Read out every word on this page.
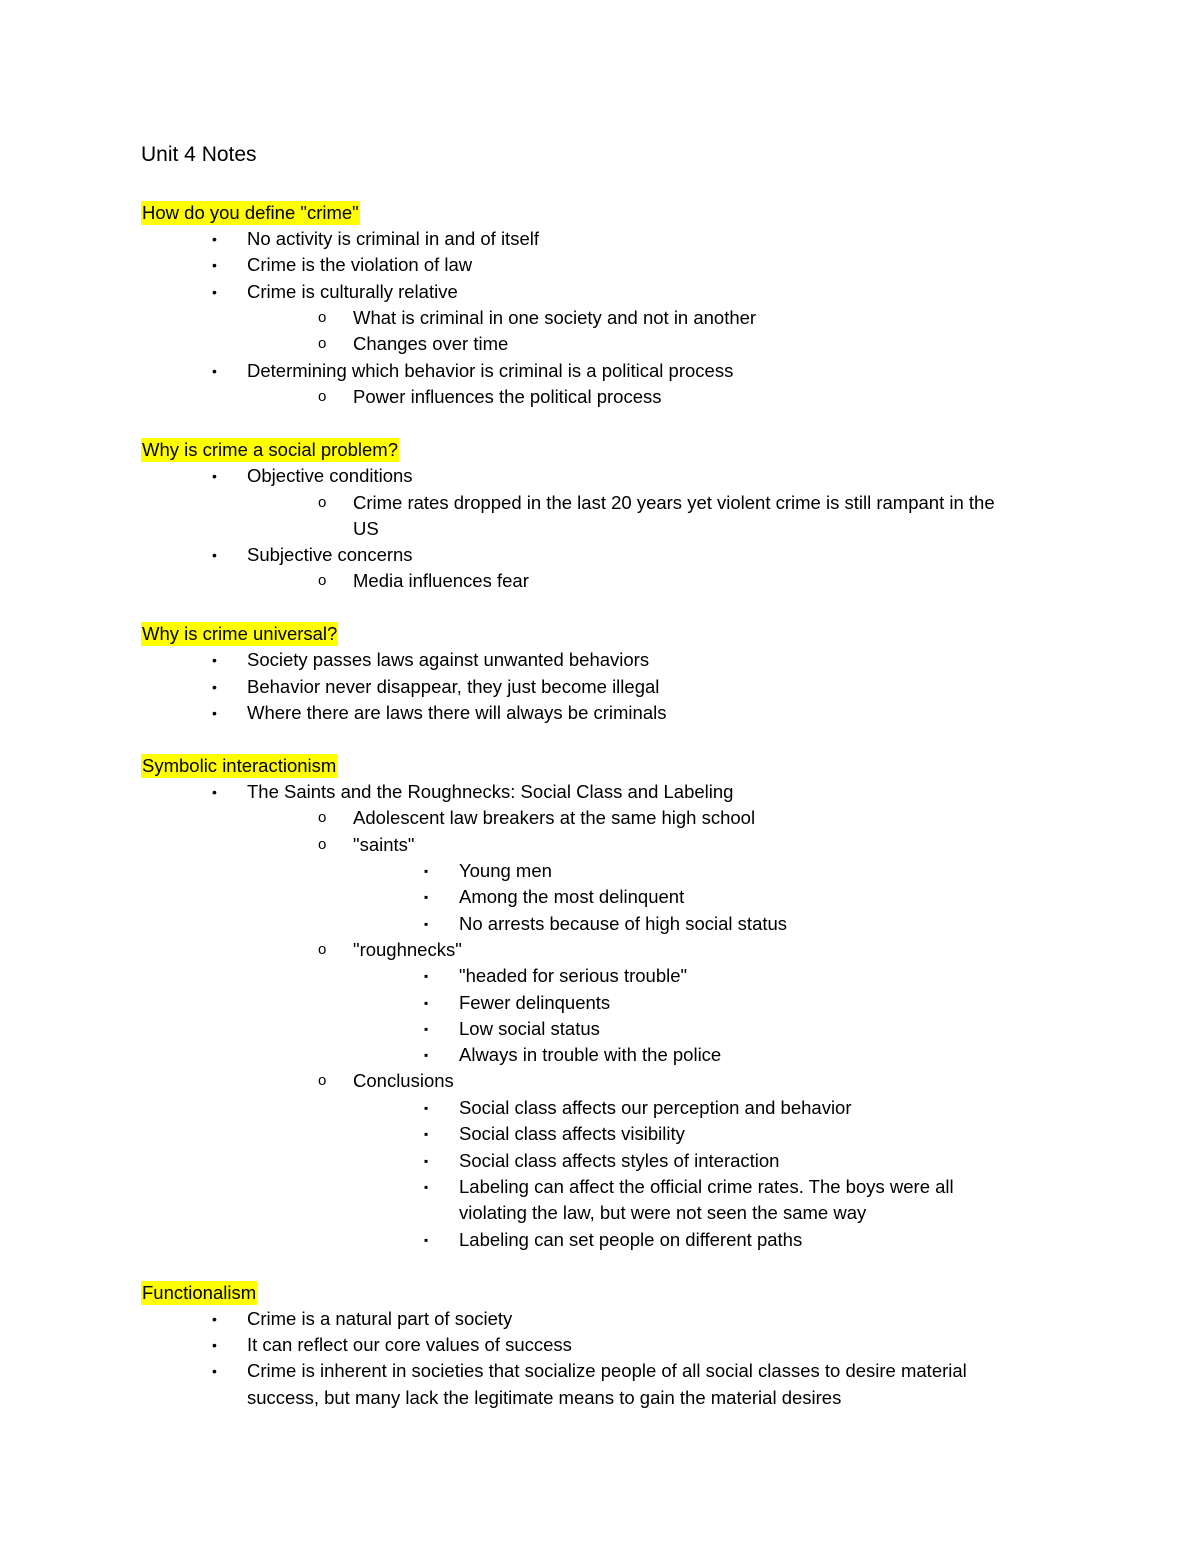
Unit 4 Notes
How do you define "crime"
• No activity is criminal in and of itself
• Crime is the violation of law
• Crime is culturally relative
o What is criminal in one society and not in another
o Changes over time
• Determining which behavior is criminal is a political process
o Power influences the political process
Why is crime a social problem?
• Objective conditions
o Crime rates dropped in the last 20 years yet violent crime is still rampant in the
US
• Subjective concerns
o Media influences fear
Why is crime universal?
• Society passes laws against unwanted behaviors
• Behavior never disappear, they just become illegal
• Where there are laws there will always be criminals
Symbolic interactionism
• The Saints and the Roughnecks: Social Class and Labeling
o Adolescent law breakers at the same high school
o "saints"
▪ Young men
▪ Among the most delinquent
▪ No arrests because of high social status
o "roughnecks"
▪ "headed for serious trouble"
▪ Fewer delinquents
▪ Low social status
▪ Always in trouble with the police
o Conclusions
▪ Social class affects our perception and behavior
▪ Social class affects visibility
▪ Social class affects styles of interaction
▪ Labeling can affect the official crime rates. The boys were all
violating the law, but were not seen the same way
▪ Labeling can set people on different paths
Functionalism
• Crime is a natural part of society
• It can reflect our core values of success
• Crime is inherent in societies that socialize people of all social classes to desire material
success, but many lack the legitimate means to gain the material desires
